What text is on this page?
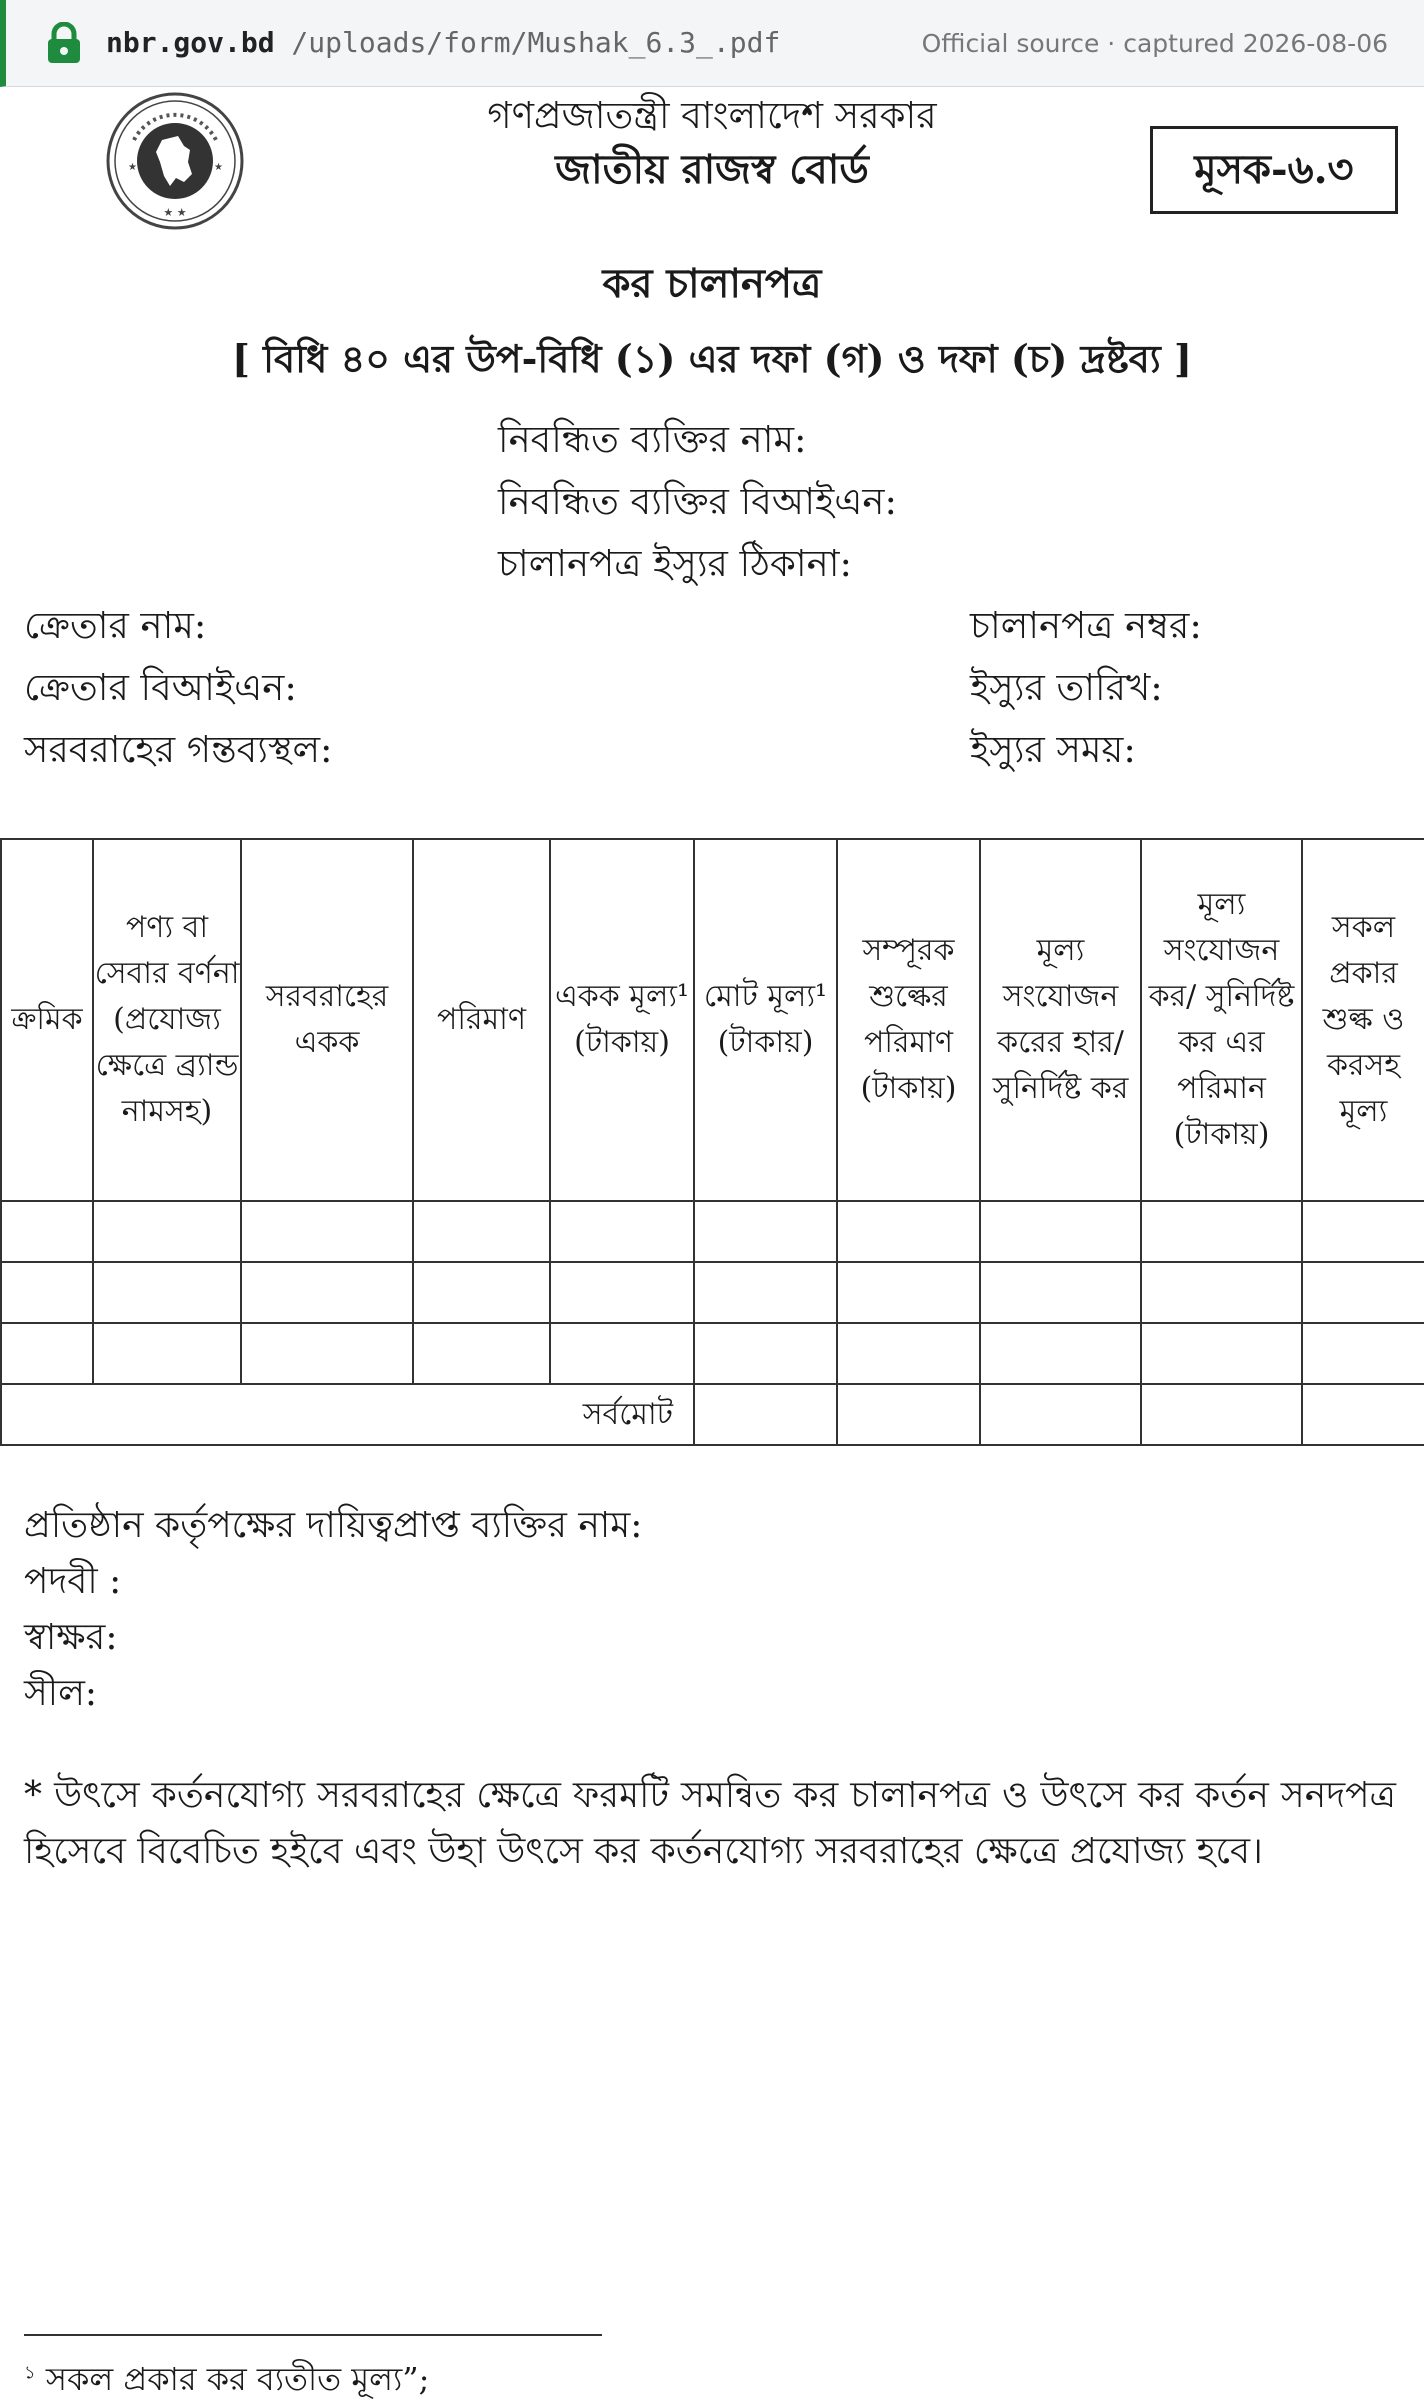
nbr.gov.bd /uploads/form/Mushak_6.3_.pdf	Official source · captured 2026-08-06
★ ★
★	★
গণপ্রজাতন্ত্রী বাংলাদেশ সরকার
জাতীয় রাজস্ব বোর্ড	মূসক-৬.৩
কর চালানপত্র
[ বিধি ৪০ এর উপ-বিধি (১) এর দফা (গ) ও দফা (চ) দ্রষ্টব্য ]
নিবন্ধিত ব্যক্তির নাম:
নিবন্ধিত ব্যক্তির বিআইএন:
চালানপত্র ইস্যুর ঠিকানা:
ক্রেতার নাম:
ক্রেতার বিআইএন:
সরবরাহের গন্তব্যস্থল:
চালানপত্র নম্বর:
ইস্যুর তারিখ:
ইস্যুর সময়:
ক্রমিক	পণ্য বা সেবার বর্ণনা (প্রযোজ্য ক্ষেত্রে ব্র্যান্ড নামসহ)	সরবরাহের একক	পরিমাণ	একক মূল্য¹ (টাকায়)	মোট মূল্য¹ (টাকায়)	সম্পূরক শুল্কের পরিমাণ (টাকায়)	মূল্য সংযোজন করের হার/ সুনির্দিষ্ট কর	মূল্য সংযোজন কর/ সুনির্দিষ্ট কর এর পরিমান (টাকায়)	সকল প্রকার শুল্ক ও করসহ মূল্য

সর্বমোট									
প্রতিষ্ঠান কর্তৃপক্ষের দায়িত্বপ্রাপ্ত ব্যক্তির নাম:
পদবী :
স্বাক্ষর:
সীল:
* উৎসে কর্তনযোগ্য সরবরাহের ক্ষেত্রে ফরমটি সমন্বিত কর চালানপত্র ও উৎসে কর কর্তন সনদপত্র হিসেবে বিবেচিত হইবে এবং উহা উৎসে কর কর্তনযোগ্য সরবরাহের ক্ষেত্রে প্রযোজ্য হবে।
$^১$ সকল প্রকার কর ব্যতীত মূল্য”;
